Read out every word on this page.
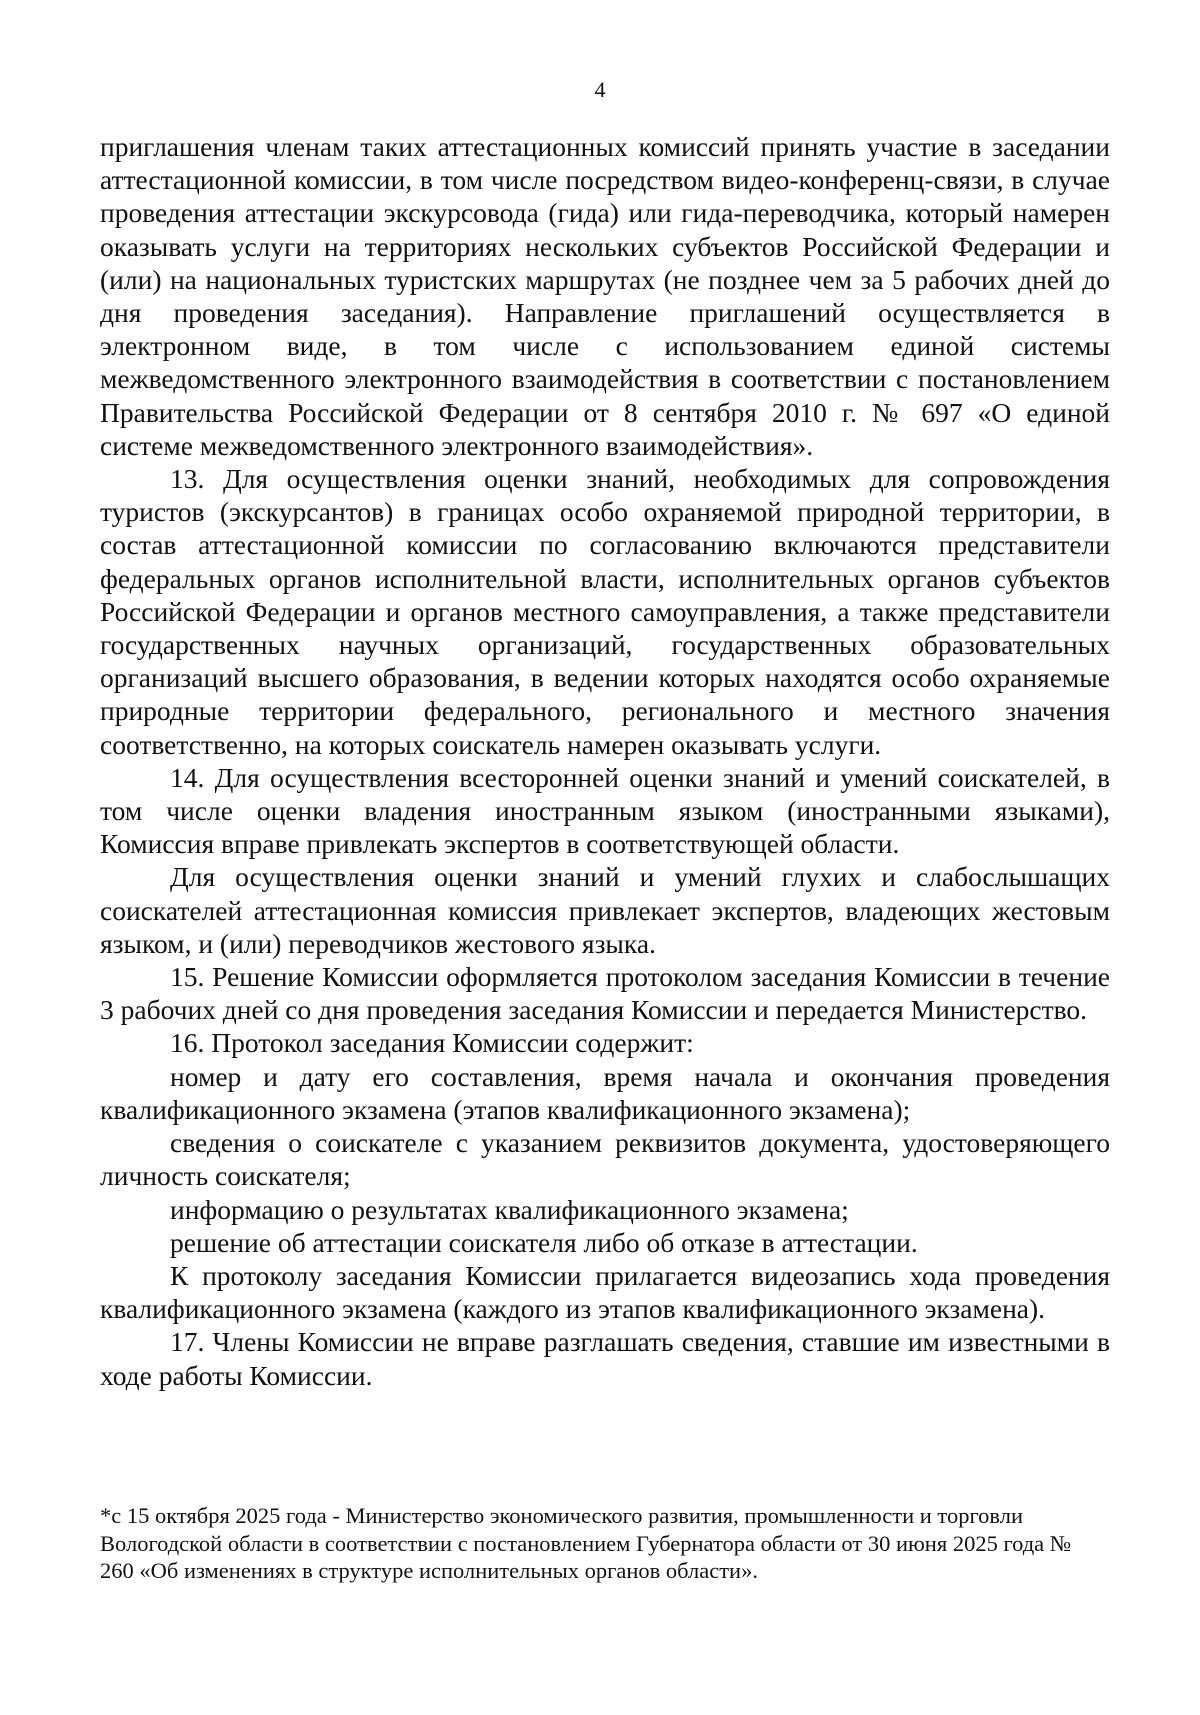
4

приглашения членам таких аттестационных комиссий принять участие в заседании аттестационной комиссии, в том числе посредством видео-конференц-связи, в случае проведения аттестации экскурсовода (гида) или гида-переводчика, который намерен оказывать услуги на территориях нескольких субъектов Российской Федерации и (или) на национальных туристских маршрутах (не позднее чем за 5 рабочих дней до дня проведения заседания). Направление приглашений осуществляется в электронном виде, в том числе с использованием единой системы межведомственного электронного взаимодействия в соответствии с постановлением Правительства Российской Федерации от 8 сентября 2010 г. № 697 «О единой системе межведомственного электронного взаимодействия».

13. Для осуществления оценки знаний, необходимых для сопровождения туристов (экскурсантов) в границах особо охраняемой природной территории, в состав аттестационной комиссии по согласованию включаются представители федеральных органов исполнительной власти, исполнительных органов субъектов Российской Федерации и органов местного самоуправления, а также представители государственных научных организаций, государственных образовательных организаций высшего образования, в ведении которых находятся особо охраняемые природные территории федерального, регионального и местного значения соответственно, на которых соискатель намерен оказывать услуги.

14. Для осуществления всесторонней оценки знаний и умений соискателей, в том числе оценки владения иностранным языком (иностранными языками), Комиссия вправе привлекать экспертов в соответствующей области.

Для осуществления оценки знаний и умений глухих и слабослышащих соискателей аттестационная комиссия привлекает экспертов, владеющих жестовым языком, и (или) переводчиков жестового языка.

15. Решение Комиссии оформляется протоколом заседания Комиссии в течение 3 рабочих дней со дня проведения заседания Комиссии и передается Министерство.

16. Протокол заседания Комиссии содержит:

номер и дату его составления, время начала и окончания проведения квалификационного экзамена (этапов квалификационного экзамена);

сведения о соискателе с указанием реквизитов документа, удостоверяющего личность соискателя;

информацию о результатах квалификационного экзамена;

решение об аттестации соискателя либо об отказе в аттестации.

К протоколу заседания Комиссии прилагается видеозапись хода проведения квалификационного экзамена (каждого из этапов квалификационного экзамена).

17. Члены Комиссии не вправе разглашать сведения, ставшие им известными в ходе работы Комиссии.

*с 15 октября 2025 года - Министерство экономического развития, промышленности и торговли Вологодской области в соответствии с постановлением Губернатора области от 30 июня 2025 года № 260 «Об изменениях в структуре исполнительных органов области».
